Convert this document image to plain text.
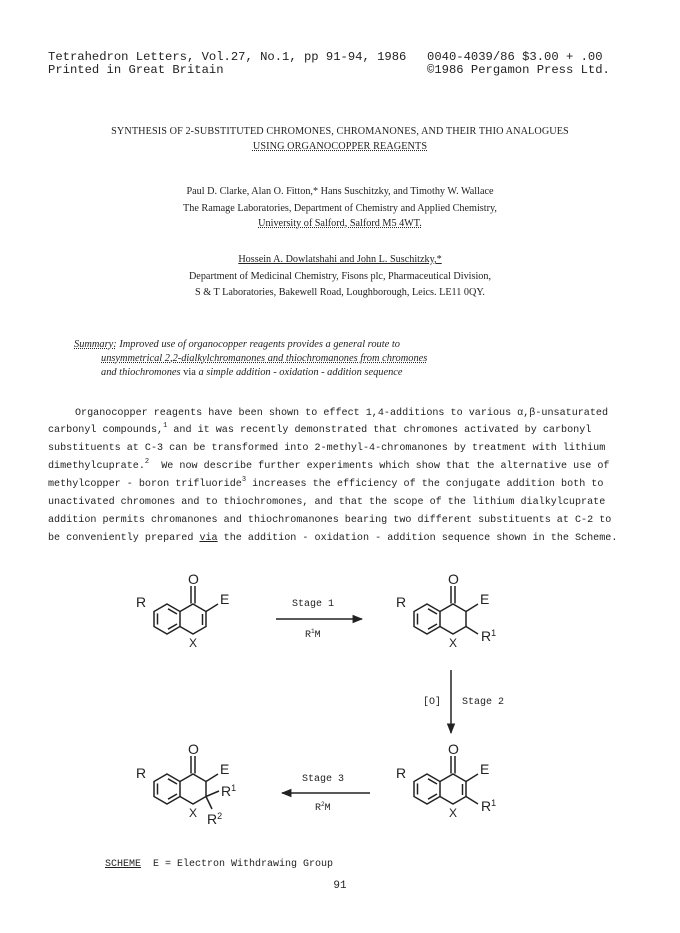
Tetrahedron Letters, Vol.27, No.1, pp 91-94, 1986
Printed in Great Britain
0040-4039/86 $3.00 + .00
©1986 Pergamon Press Ltd.
SYNTHESIS OF 2-SUBSTITUTED CHROMONES, CHROMANONES, AND THEIR THIO ANALOGUES
USING ORGANOCOPPER REAGENTS
Paul D. Clarke, Alan O. Fitton,* Hans Suschitzky, and Timothy W. Wallace
The Ramage Laboratories, Department of Chemistry and Applied Chemistry,
University of Salford, Salford M5 4WT.
Hossein A. Dowlatshahi and John L. Suschitzky,*
Department of Medicinal Chemistry, Fisons plc, Pharmaceutical Division,
S & T Laboratories, Bakewell Road, Loughborough, Leics. LE11 0QY.
Summary: Improved use of organocopper reagents provides a general route to
unsymmetrical 2,2-dialkylchromanones and thiochromanones from chromones
and thiochromones via a simple addition - oxidation - addition sequence
Organocopper reagents have been shown to effect 1,4-additions to various α,β-unsaturated
carbonyl compounds,$^1$ and it was recently demonstrated that chromones activated by carbonyl
substituents at C-3 can be transformed into 2-methyl-4-chromanones by treatment with lithium
dimethylcuprate.$^2$  We now describe further experiments which show that the alternative use of
methylcopper - boron trifluoride$^3$ increases the efficiency of the conjugate addition both to
unactivated chromones and to thiochromones, and that the scope of the lithium dialkylcuprate
addition permits chromanones and thiochromanones bearing two different substituents at C-2 to
be conveniently prepared via the addition - oxidation - addition sequence shown in the Scheme.
R
O
E
X
R
O
E
X $R^1$
R
O
E
X $R^1$
R
O
E
X
$R^1$
$R^2$
Stage 1
$R^1M$
[O] Stage 2
Stage 3
$R^2M$
SCHEME  E = Electron Withdrawing Group
91
